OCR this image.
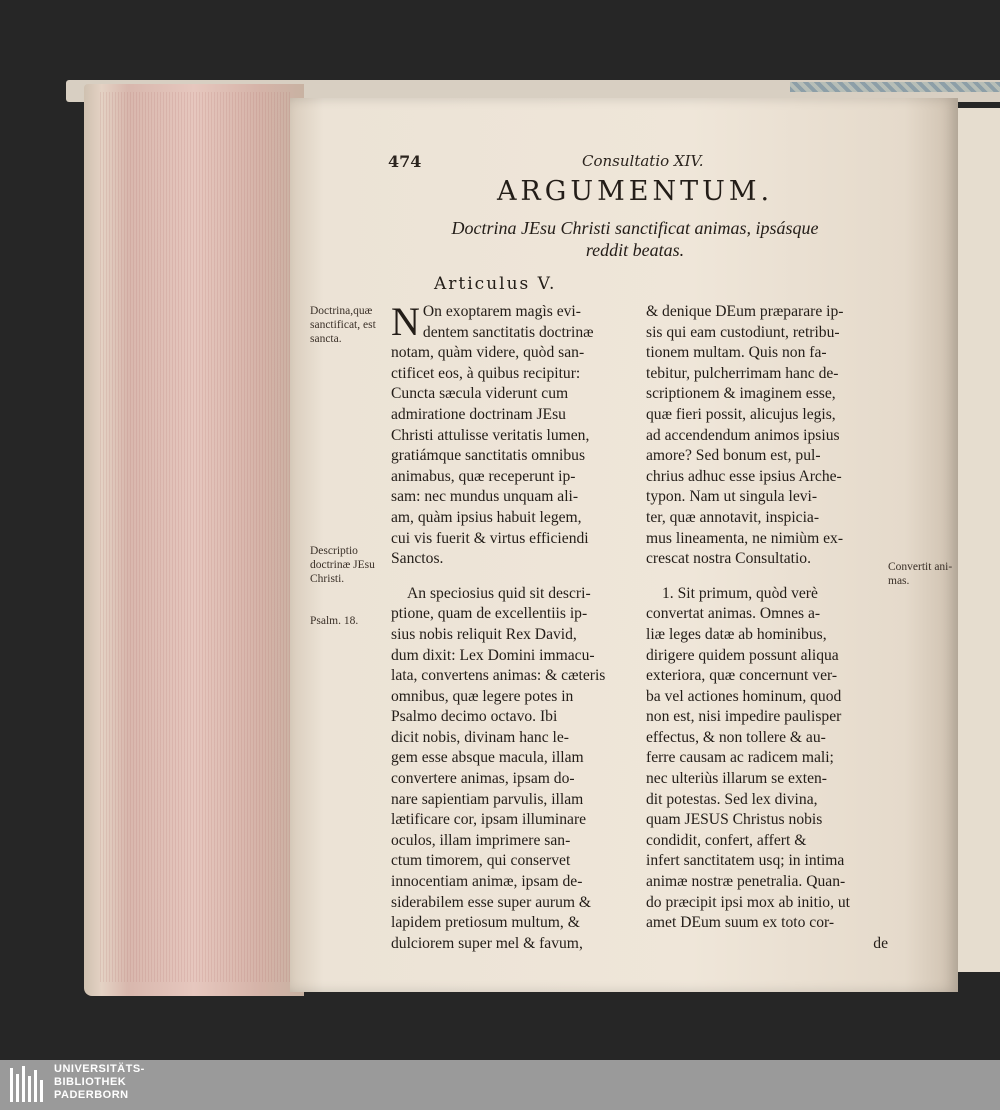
474	Consultatio XIV.
ARGUMENTUM.
Doctrina JEsu Christi sanctificat animas, ipsásque
reddit beatas.
Articulus V.
Doctrina,quæ
sanctificat, est
sancta.
Descriptio
doctrinæ JEsu
Christi.
Psalm. 18.
Convertit ani-
mas.
N On exoptarem magìs evi-
dentem sanctitatis doctrinæ
notam, quàm videre, quòd san-
ctificet eos, à quibus recipitur:
Cuncta sæcula viderunt cum
admiratione doctrinam JEsu
Christi attulisse veritatis lumen,
gratiámque sanctitatis omnibus
animabus, quæ receperunt ip-
sam: nec mundus unquam ali-
am, quàm ipsius habuit legem,
cui vis fuerit & virtus efficiendi
Sanctos.
An speciosius quid sit descri-
ptione, quam de excellentiis ip-
sius nobis reliquit Rex David,
dum dixit: Lex Domini immacu-
lata, convertens animas: & cæteris
omnibus, quæ legere potes in
Psalmo decimo octavo. Ibi
dicit nobis, divinam hanc le-
gem esse absque macula, illam
convertere animas, ipsam do-
nare sapientiam parvulis, illam
lætificare cor, ipsam illuminare
oculos, illam imprimere san-
ctum timorem, qui conservet
innocentiam animæ, ipsam de-
siderabilem esse super aurum &
lapidem pretiosum multum, &
dulciorem super mel & favum,
& denique DEum præparare ip-
sis qui eam custodiunt, retribu-
tionem multam. Quis non fa-
tebitur, pulcherrimam hanc de-
scriptionem & imaginem esse,
quæ fieri possit, alicujus legis,
ad accendendum animos ipsius
amore? Sed bonum est, pul-
chrius adhuc esse ipsius Arche-
typon. Nam ut singula levi-
ter, quæ annotavit, inspicia-
mus lineamenta, ne nimiùm ex-
crescat nostra Consultatio.
1. Sit primum, quòd verè
convertat animas. Omnes a-
liæ leges datæ ab hominibus,
dirigere quidem possunt aliqua
exteriora, quæ concernunt ver-
ba vel actiones hominum, quod
non est, nisi impedire paulisper
effectus, & non tollere & au-
ferre causam ac radicem mali;
nec ulteriùs illarum se exten-
dit potestas. Sed lex divina,
quam JESUS Christus nobis
condidit, confert, affert &
infert sanctitatem usq; in intima
animæ nostræ penetralia. Quan-
do præcipit ipsi mox ab initio, ut
amet DEum suum ex toto cor-
de
UNIVERSITÄTS-
BIBLIOTHEK
PADERBORN
